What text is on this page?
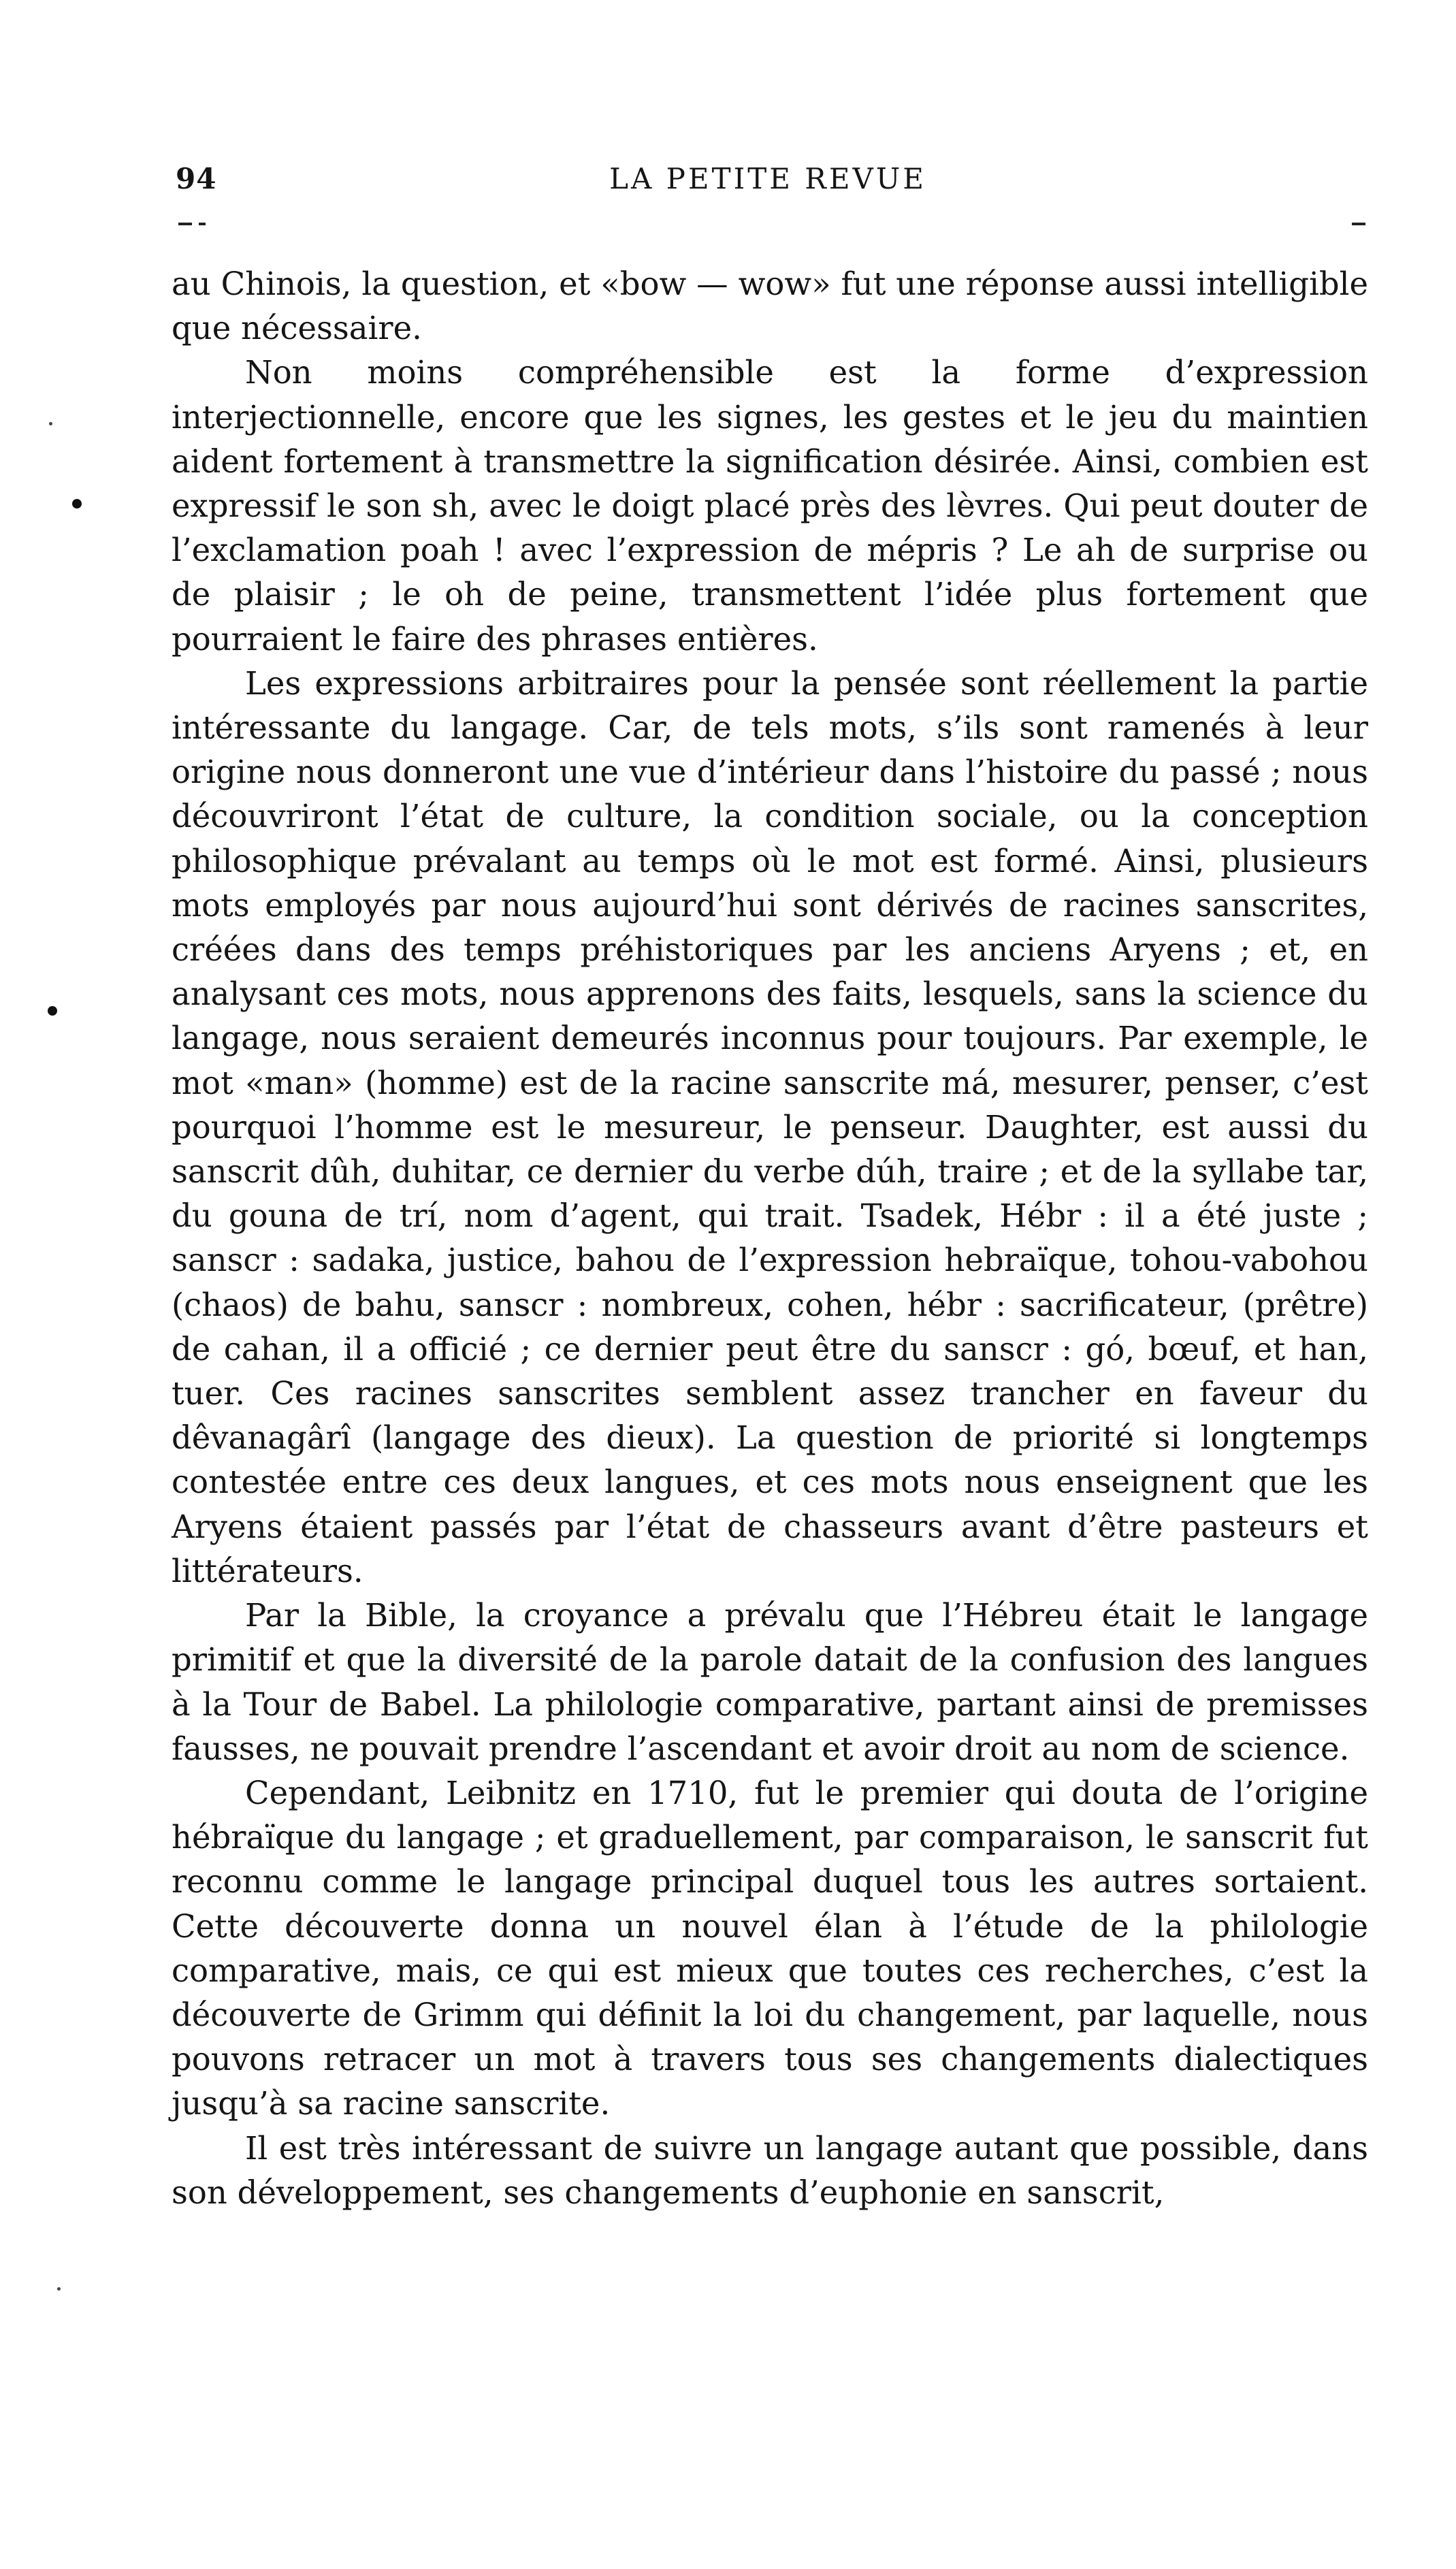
94	LA PETITE REVUE

au Chinois, la question, et «bow — wow» fut une réponse aussi intelligible que nécessaire.

Non moins compréhensible est la forme d’expression interjectionnelle, encore que les signes, les gestes et le jeu du maintien aident fortement à transmettre la signification désirée. Ainsi, combien est expressif le son sh, avec le doigt placé près des lèvres. Qui peut douter de l’exclamation poah ! avec l’expression de mépris ? Le ah de surprise ou de plaisir ; le oh de peine, transmettent l’idée plus fortement que pourraient le faire des phrases entières.

Les expressions arbitraires pour la pensée sont réellement la partie intéressante du langage. Car, de tels mots, s’ils sont ramenés à leur origine nous donneront une vue d’intérieur dans l’histoire du passé ; nous découvriront l’état de culture, la condition sociale, ou la conception philosophique prévalant au temps où le mot est formé. Ainsi, plusieurs mots employés par nous aujourd’hui sont dérivés de racines sanscrites, créées dans des temps préhistoriques par les anciens Aryens ; et, en analysant ces mots, nous apprenons des faits, lesquels, sans la science du langage, nous seraient demeurés inconnus pour toujours. Par exemple, le mot «man» (homme) est de la racine sanscrite má, mesurer, penser, c’est pourquoi l’homme est le mesureur, le penseur. Daughter, est aussi du sanscrit dûh, duhitar, ce dernier du verbe dúh, traire ; et de la syllabe tar, du gouna de trí, nom d’agent, qui trait. Tsadek, Hébr : il a été juste ; sanscr : sadaka, justice, bahou de l’expression hebraïque, tohou-vabohou (chaos) de bahu, sanscr : nombreux, cohen, hébr : sacrificateur, (prêtre) de cahan, il a officié ; ce dernier peut être du sanscr : gó, bœuf, et han, tuer. Ces racines sanscrites semblent assez trancher en faveur du dêvanagârî (langage des dieux). La question de priorité si longtemps contestée entre ces deux langues, et ces mots nous enseignent que les Aryens étaient passés par l’état de chasseurs avant d’être pasteurs et littérateurs.

Par la Bible, la croyance a prévalu que l’Hébreu était le langage primitif et que la diversité de la parole datait de la confusion des langues à la Tour de Babel. La philologie comparative, partant ainsi de premisses fausses, ne pouvait prendre l’ascendant et avoir droit au nom de science.

Cependant, Leibnitz en 1710, fut le premier qui douta de l’origine hébraïque du langage ; et graduellement, par comparaison, le sanscrit fut reconnu comme le langage principal duquel tous les autres sortaient. Cette découverte donna un nouvel élan à l’étude de la philologie comparative, mais, ce qui est mieux que toutes ces recherches, c’est la découverte de Grimm qui définit la loi du changement, par laquelle, nous pouvons retracer un mot à travers tous ses changements dialectiques jusqu’à sa racine sanscrite.

Il est très intéressant de suivre un langage autant que possible, dans son développement, ses changements d’euphonie en sanscrit,
